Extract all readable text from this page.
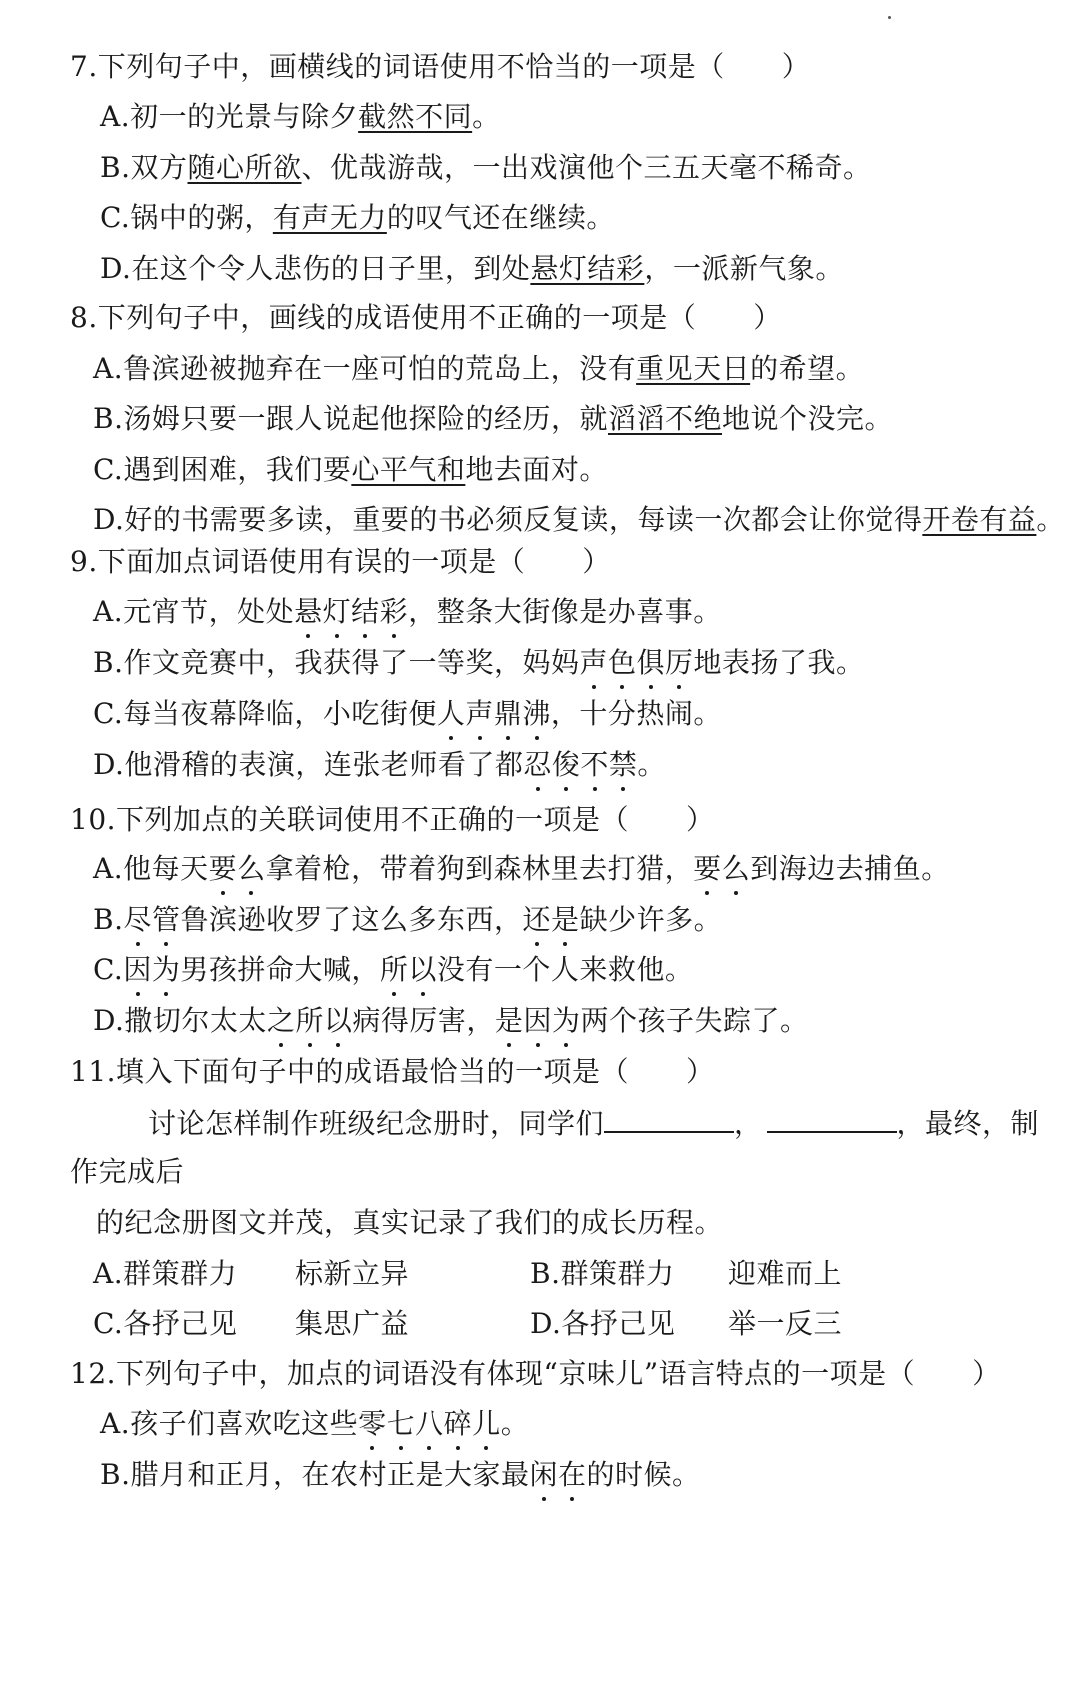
7.下列句子中，画横线的词语使用不恰当的一项是（　　）
A.初一的光景与除夕截然不同。
B.双方随心所欲、优哉游哉，一出戏演他个三五天毫不稀奇。
C.锅中的粥，有声无力的叹气还在继续。
D.在这个令人悲伤的日子里，到处悬灯结彩，一派新气象。
8.下列句子中，画线的成语使用不正确的一项是（　　）
A.鲁滨逊被抛弃在一座可怕的荒岛上，没有重见天日的希望。
B.汤姆只要一跟人说起他探险的经历，就滔滔不绝地说个没完。
C.遇到困难，我们要心平气和地去面对。
D.好的书需要多读，重要的书必须反复读，每读一次都会让你觉得开卷有益。
9.下面加点词语使用有误的一项是（　　）
A.元宵节，处处悬灯结彩，整条大街像是办喜事。
B.作文竞赛中，我获得了一等奖，妈妈声色俱厉地表扬了我。
C.每当夜幕降临，小吃街便人声鼎沸，十分热闹。
D.他滑稽的表演，连张老师看了都忍俊不禁。
10.下列加点的关联词使用不正确的一项是（　　）
A.他每天要么拿着枪，带着狗到森林里去打猎，要么到海边去捕鱼。
B.尽管鲁滨逊收罗了这么多东西，还是缺少许多。
C.因为男孩拼命大喊，所以没有一个人来救他。
D.撒切尔太太之所以病得厉害，是因为两个孩子失踪了。
11.填入下面句子中的成语最恰当的一项是（　　）
讨论怎样制作班级纪念册时，同学们	，	，最终，制
作完成后
的纪念册图文并茂，真实记录了我们的成长历程。
A.群策群力 标新立异	B.群策群力 迎难而上
C.各抒己见 集思广益	D.各抒己见 举一反三
12.下列句子中，加点的词语没有体现“京味儿”语言特点的一项是（　　）
A.孩子们喜欢吃这些零七八碎儿。
B.腊月和正月，在农村正是大家最闲在的时候。
